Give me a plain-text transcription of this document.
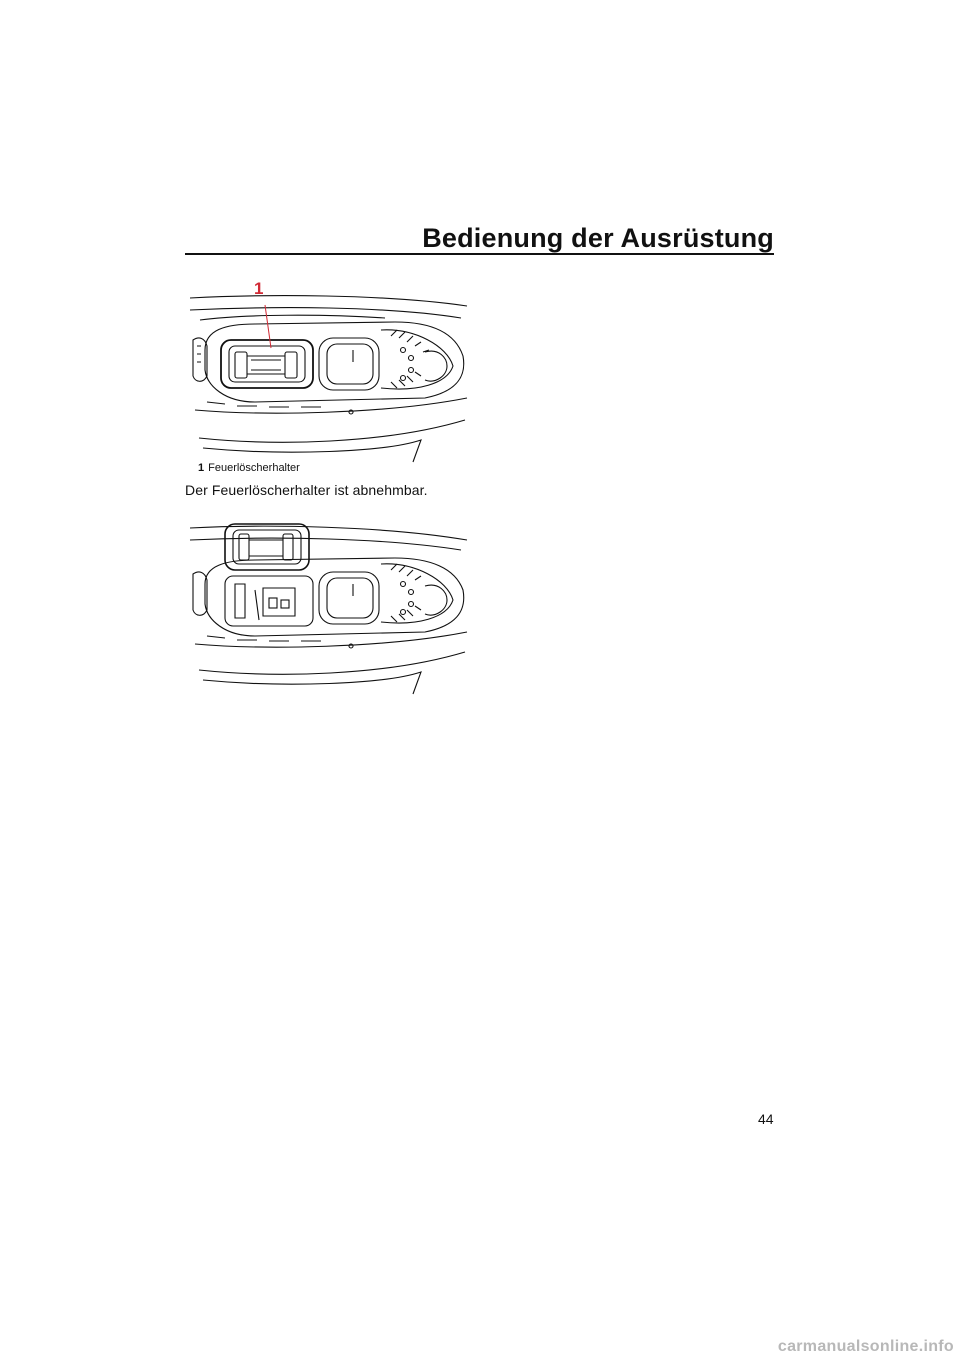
Bedienung der Ausrüstung
1
1 Feuerlöscherhalter

Der Feuerlöscherhalter ist abnehmbar.

44
carmanualsonline.info
